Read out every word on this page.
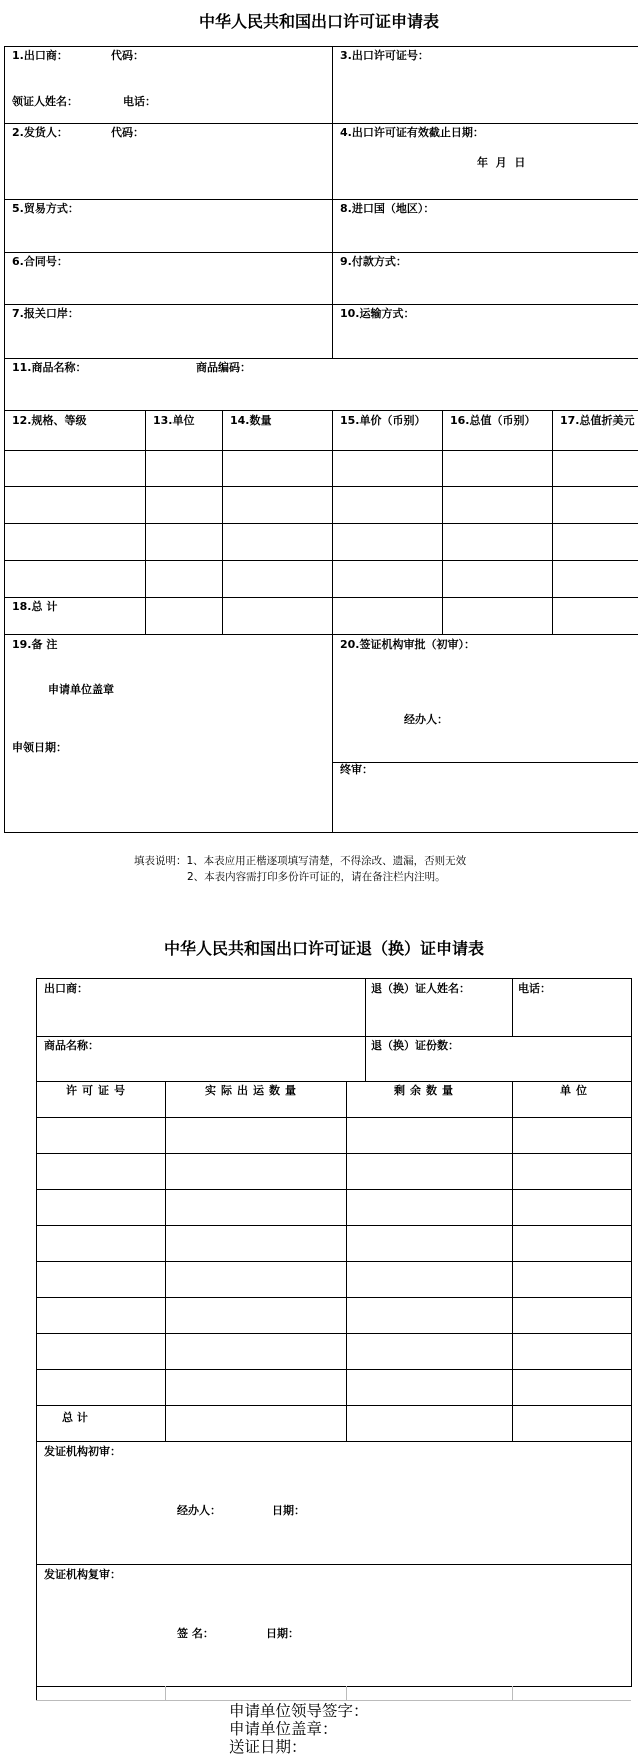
中华人民共和国出口许可证申请表
1.出口商：	代码：
领证人姓名：	电话：
3.出口许可证号：
2.发货人：	代码：	4.出口许可证有效截止日期：
年  月  日
5.贸易方式：	8.进口国（地区）：
6.合同号：	9.付款方式：
7.报关口岸：	10.运输方式：
11.商品名称：	商品编码：
12.规格、等级	13.单位	14.数量	15.单价（币别） 16.总值（币别） 17.总值折美元
18.总 计
19.备 注
申请单位盖章
申领日期：
20.签证机构审批（初审）：
经办人：
终审：
填表说明：1、本表应用正楷逐项填写清楚，不得涂改、遗漏，否则无效
2、本表内容需打印多份许可证的，请在备注栏内注明。
中华人民共和国出口许可证退（换）证申请表
出口商：	退（换）证人姓名：	电话：
商品名称：	退（换）证份数：
许可证号	实际出运数量	剩余数量	单位
总 计
发证机构初审：
经办人：	日期：
发证机构复审：
签 名：	日期：
申请单位领导签字：
申请单位盖章：
送证日期：
